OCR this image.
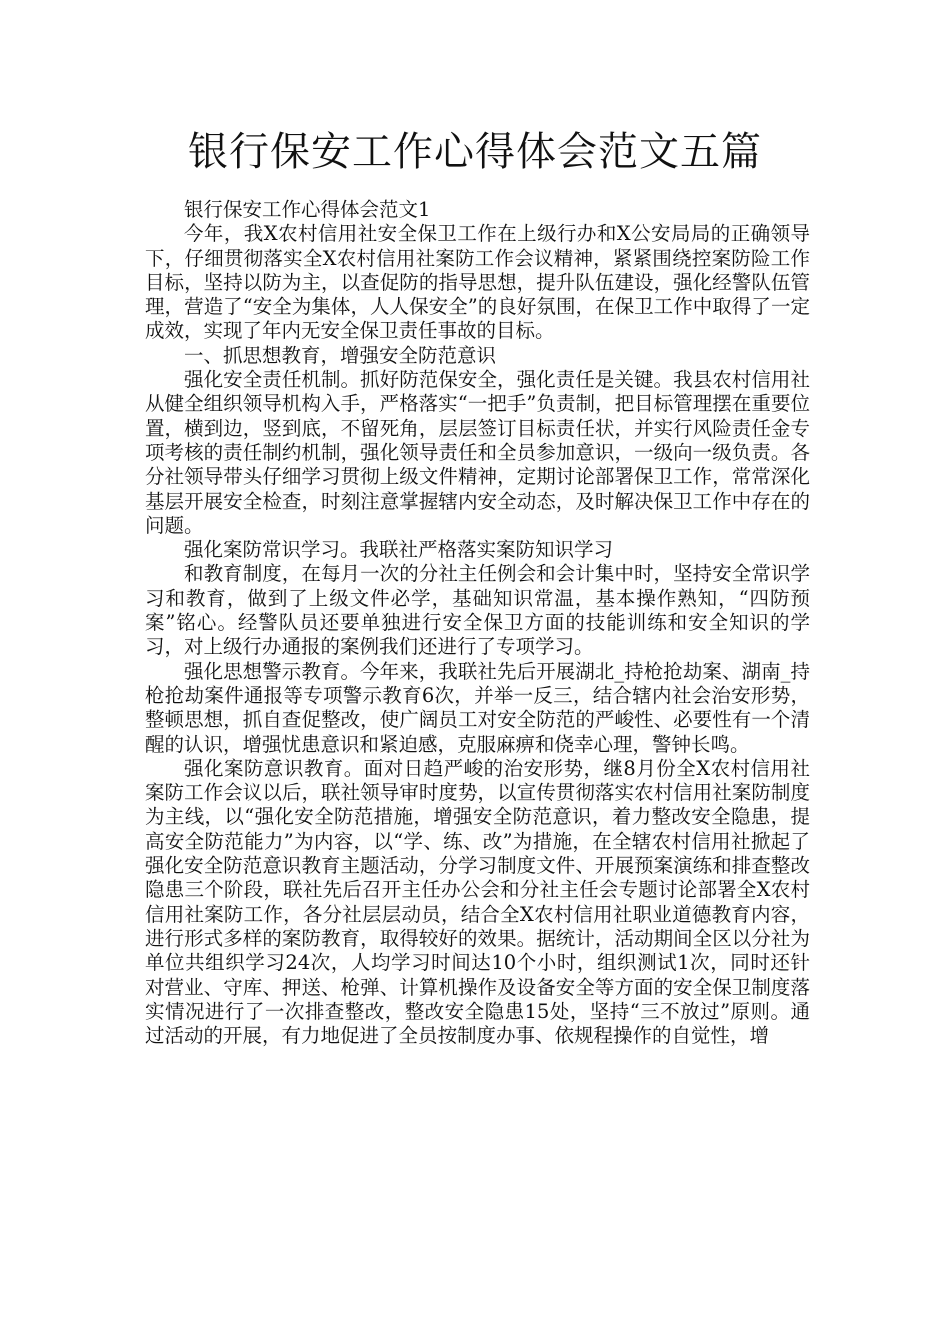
银行保安工作心得体会范文五篇

银行保安工作心得体会范文1

今年，我X农村信用社安全保卫工作在上级行办和X公安局局的正确领导下，仔细贯彻落实全X农村信用社案防工作会议精神，紧紧围绕控案防险工作目标，坚持以防为主，以查促防的指导思想，提升队伍建设，强化经警队伍管理，营造了“安全为集体，人人保安全”的良好氛围，在保卫工作中取得了一定成效，实现了年内无安全保卫责任事故的目标。

一、抓思想教育，增强安全防范意识

强化安全责任机制。抓好防范保安全，强化责任是关键。我县农村信用社从健全组织领导机构入手，严格落实“一把手”负责制，把目标管理摆在重要位置，横到边，竖到底，不留死角，层层签订目标责任状，并实行风险责任金专项考核的责任制约机制，强化领导责任和全员参加意识，一级向一级负责。各分社领导带头仔细学习贯彻上级文件精神，定期讨论部署保卫工作，常常深化基层开展安全检查，时刻注意掌握辖内安全动态，及时解决保卫工作中存在的问题。

强化案防常识学习。我联社严格落实案防知识学习

和教育制度，在每月一次的分社主任例会和会计集中时，坚持安全常识学习和教育，做到了上级文件必学，基础知识常温，基本操作熟知，“四防预案”铭心。经警队员还要单独进行安全保卫方面的技能训练和安全知识的学习，对上级行办通报的案例我们还进行了专项学习。

强化思想警示教育。今年来，我联社先后开展湖北_持枪抢劫案、湖南_持枪抢劫案件通报等专项警示教育6次，并举一反三，结合辖内社会治安形势，整顿思想，抓自查促整改，使广阔员工对安全防范的严峻性、必要性有一个清醒的认识，增强忧患意识和紧迫感，克服麻痹和侥幸心理，警钟长鸣。

强化案防意识教育。面对日趋严峻的治安形势，继8月份全X农村信用社案防工作会议以后，联社领导审时度势，以宣传贯彻落实农村信用社案防制度为主线，以“强化安全防范措施，增强安全防范意识，着力整改安全隐患，提高安全防范能力”为内容，以“学、练、改”为措施，在全辖农村信用社掀起了强化安全防范意识教育主题活动，分学习制度文件、开展预案演练和排查整改隐患三个阶段，联社先后召开主任办公会和分社主任会专题讨论部署全X农村信用社案防工作，各分社层层动员，结合全X农村信用社职业道德教育内容，进行形式多样的案防教育，取得较好的效果。据统计，活动期间全区以分社为单位共组织学习24次，人均学习时间达10个小时，组织测试1次，同时还针对营业、守库、押送、枪弹、计算机操作及设备安全等方面的安全保卫制度落实情况进行了一次排查整改，整改安全隐患15处，坚持“三不放过”原则。通过活动的开展，有力地促进了全员按制度办事、依规程操作的自觉性，增
